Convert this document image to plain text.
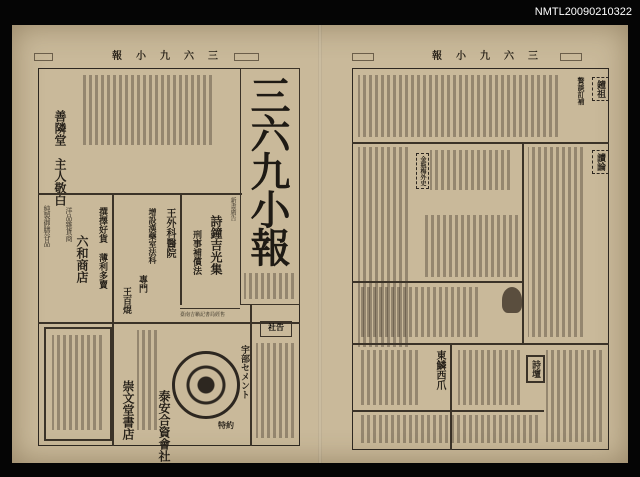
NMTL20090210322

報　小　九　六　三

三六九小報
善隣堂　主人敬白
純製御膳谷品 洋品雜貨商
六和商店
撰擇好貨
薄利多賣
王外科醫院
增設漢藥室法科
專門
王百焜
新書廣告
詩鐘吉光集
刑事補償法
臺南吉籟記書局經售
崇文堂書店
宇部セメント
泰安合資會社	特約
社告

報　小　九　六　三

鐘祖
贅談訂補
金瓶梅外史	讀論
東鱗西爪	詩壇
